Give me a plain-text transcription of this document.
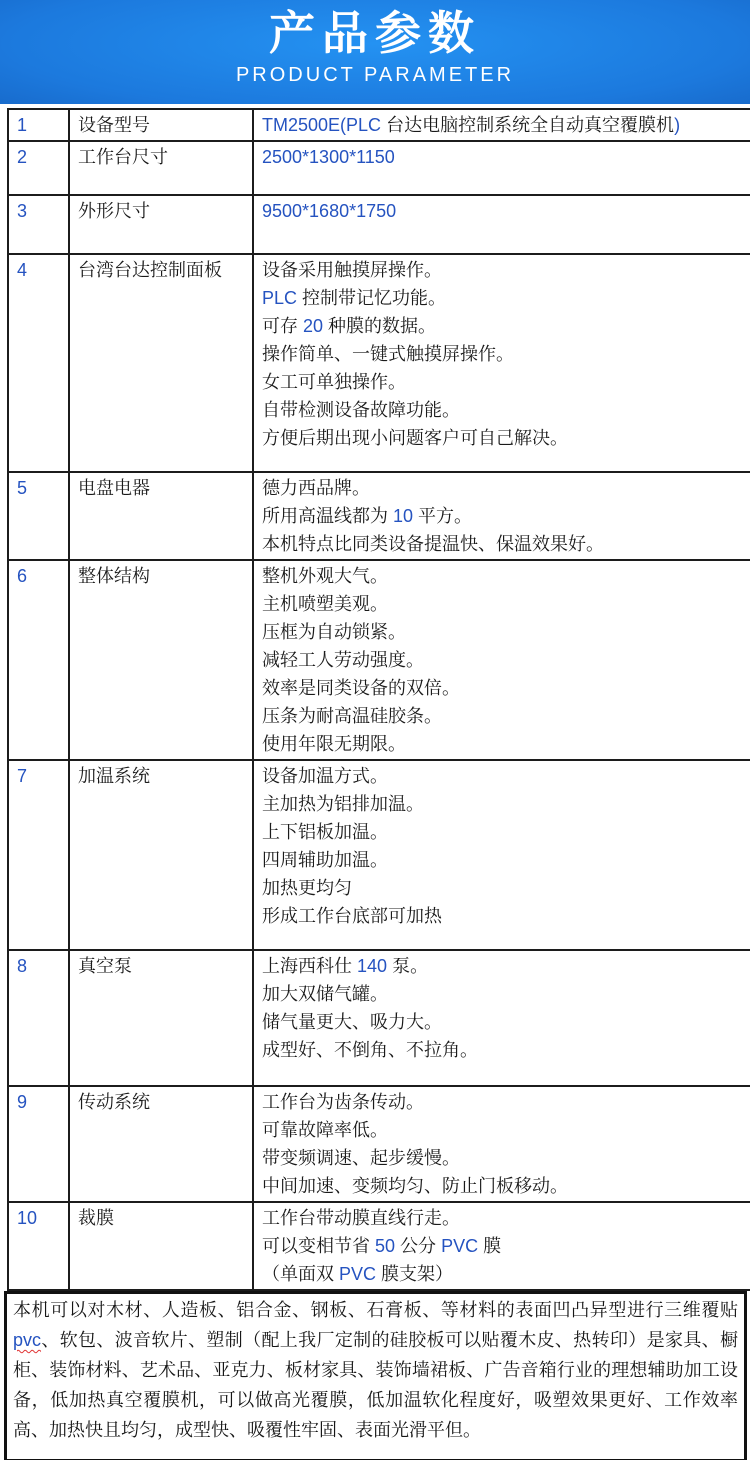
产品参数
PRODUCT PARAMETER
1	设备型号	TM2500E(PLC 台达电脑控制系统全自动真空覆膜机)

2	工作台尺寸	2500*1300*1150

3	外形尺寸	9500*1680*1750

4	台湾台达控制面板	设备采用触摸屏操作。
PLC 控制带记忆功能。
可存 20 种膜的数据。
操作简单、一键式触摸屏操作。
女工可单独操作。
自带检测设备故障功能。
方便后期出现小问题客户可自己解决。

5	电盘电器	德力西品牌。
所用高温线都为 10 平方。
本机特点比同类设备提温快、保温效果好。

6	整体结构	整机外观大气。
主机喷塑美观。
压框为自动锁紧。
减轻工人劳动强度。
效率是同类设备的双倍。
压条为耐高温硅胶条。
使用年限无期限。

7	加温系统	设备加温方式。
主加热为铝排加温。
上下铝板加温。
四周辅助加温。
加热更均匀
形成工作台底部可加热

8	真空泵	上海西科仕 140 泵。
加大双储气罐。
储气量更大、吸力大。
成型好、不倒角、不拉角。

9	传动系统	工作台为齿条传动。
可靠故障率低。
带变频调速、起步缓慢。
中间加速、变频均匀、防止门板移动。

10	裁膜	工作台带动膜直线行走。
可以变相节省 50 公分 PVC 膜
（单面双 PVC 膜支架）
本机可以对木材、人造板、铝合金、钢板、石膏板、等材料的表面凹凸异型进行三维覆贴pvc、软包、波音软片、塑制（配上我厂定制的硅胶板可以贴覆木皮、热转印）是家具、橱柜、装饰材料、艺术品、亚克力、板材家具、装饰墙裙板、广告音箱行业的理想辅助加工设备，低加热真空覆膜机，可以做高光覆膜，低加温软化程度好，吸塑效果更好、工作效率高、加热快且均匀，成型快、吸覆性牢固、表面光滑平但。
